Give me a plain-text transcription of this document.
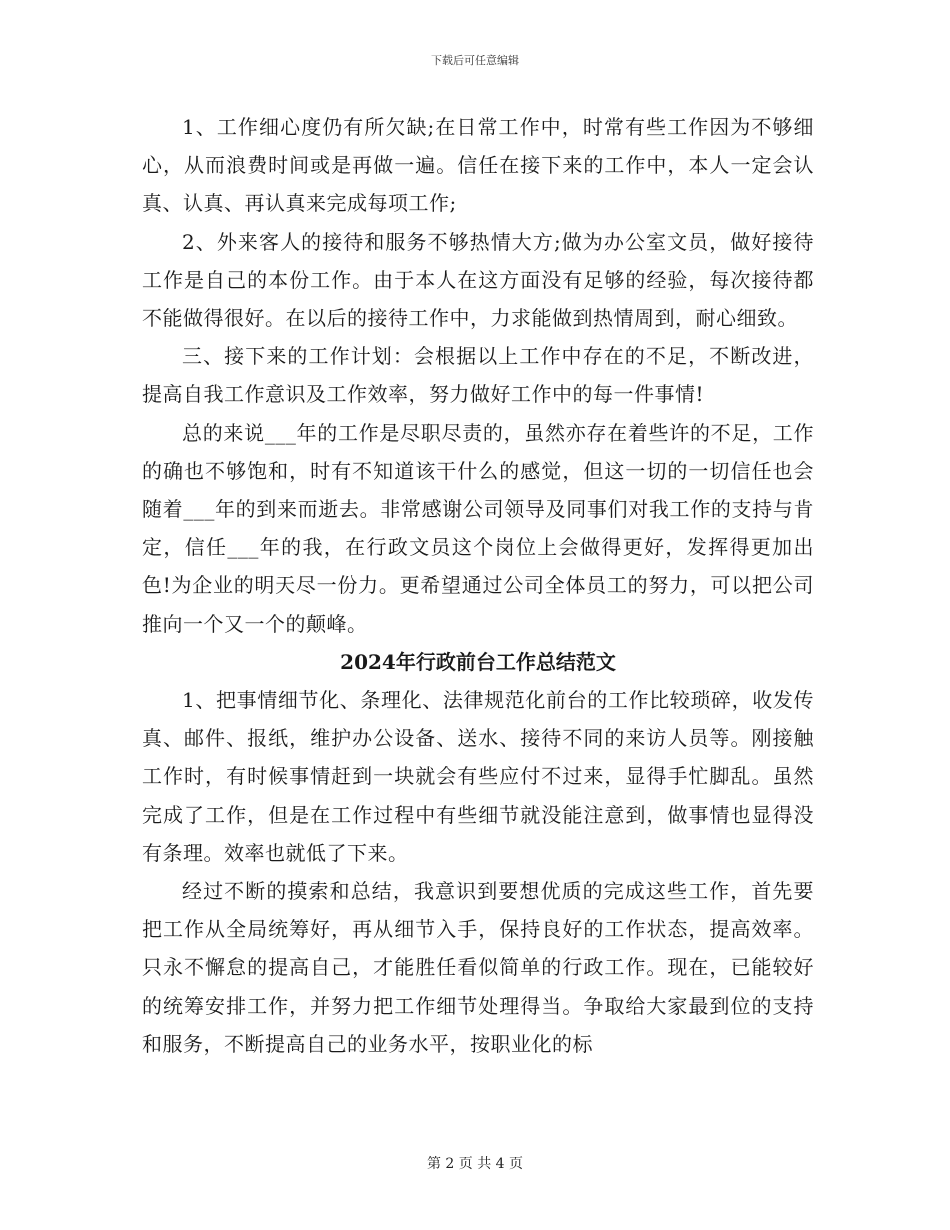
下载后可任意编辑

1、工作细心度仍有所欠缺;在日常工作中，时常有些工作因为不够细心，从而浪费时间或是再做一遍。信任在接下来的工作中，本人一定会认真、认真、再认真来完成每项工作;

2、外来客人的接待和服务不够热情大方;做为办公室文员，做好接待工作是自己的本份工作。由于本人在这方面没有足够的经验，每次接待都不能做得很好。在以后的接待工作中，力求能做到热情周到，耐心细致。

三、接下来的工作计划：会根据以上工作中存在的不足，不断改进，提高自我工作意识及工作效率，努力做好工作中的每一件事情!

总的来说___年的工作是尽职尽责的，虽然亦存在着些许的不足，工作的确也不够饱和，时有不知道该干什么的感觉，但这一切的一切信任也会随着___年的到来而逝去。非常感谢公司领导及同事们对我工作的支持与肯定，信任___年的我，在行政文员这个岗位上会做得更好，发挥得更加出色!为企业的明天尽一份力。更希望通过公司全体员工的努力，可以把公司推向一个又一个的颠峰。

2024年行政前台工作总结范文

1、把事情细节化、条理化、法律规范化前台的工作比较琐碎，收发传真、邮件、报纸，维护办公设备、送水、接待不同的来访人员等。刚接触工作时，有时候事情赶到一块就会有些应付不过来，显得手忙脚乱。虽然完成了工作，但是在工作过程中有些细节就没能注意到，做事情也显得没有条理。效率也就低了下来。

经过不断的摸索和总结，我意识到要想优质的完成这些工作，首先要把工作从全局统筹好，再从细节入手，保持良好的工作状态，提高效率。只永不懈怠的提高自己，才能胜任看似简单的行政工作。现在，已能较好的统筹安排工作，并努力把工作细节处理得当。争取给大家最到位的支持和服务，不断提高自己的业务水平，按职业化的标

第 2 页 共 4 页
